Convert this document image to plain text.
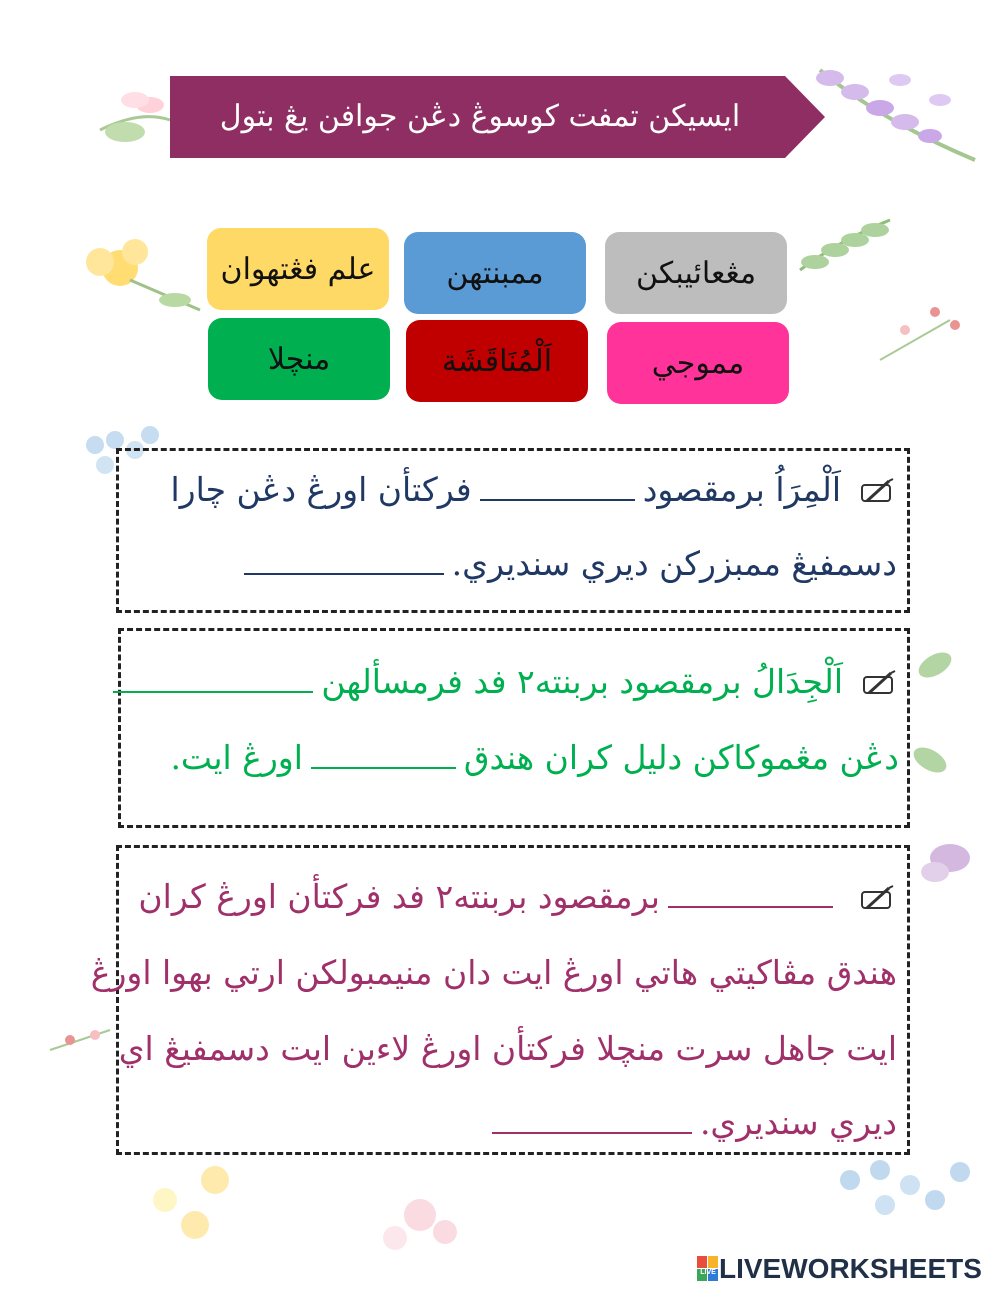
ايسيكن تمفت كوسوڠ دڠن جوافن يڠ بتول
مڠعائيبكن
ممبنتهن
علم فڠتهوان
مموجي
اَلْمُنَاقَشَة
منچلا
اَلْمِرَاُ برمقصودفركتأن اورڠ دڠن چارا
دسمفيڠ ممبزركن ديري سنديري.
اَلْجِدَالُ برمقصود بربنته٢ فد فرمسألهن
دڠن مڠموكاكن دليل كران هندقاورڠ ايت.
برمقصود بربنته٢ فد فركتأن اورڠ كران
هندق مڤاكيتي هاتي اورڠ ايت دان منيمبولكن ارتي بهوا اورڠ
ايت جاهل سرت منچلا فركتأن اورڠ لاءين ايت دسمفيڠ اي
ديري سنديري.
LIVE LIVEWORKSHEETS
